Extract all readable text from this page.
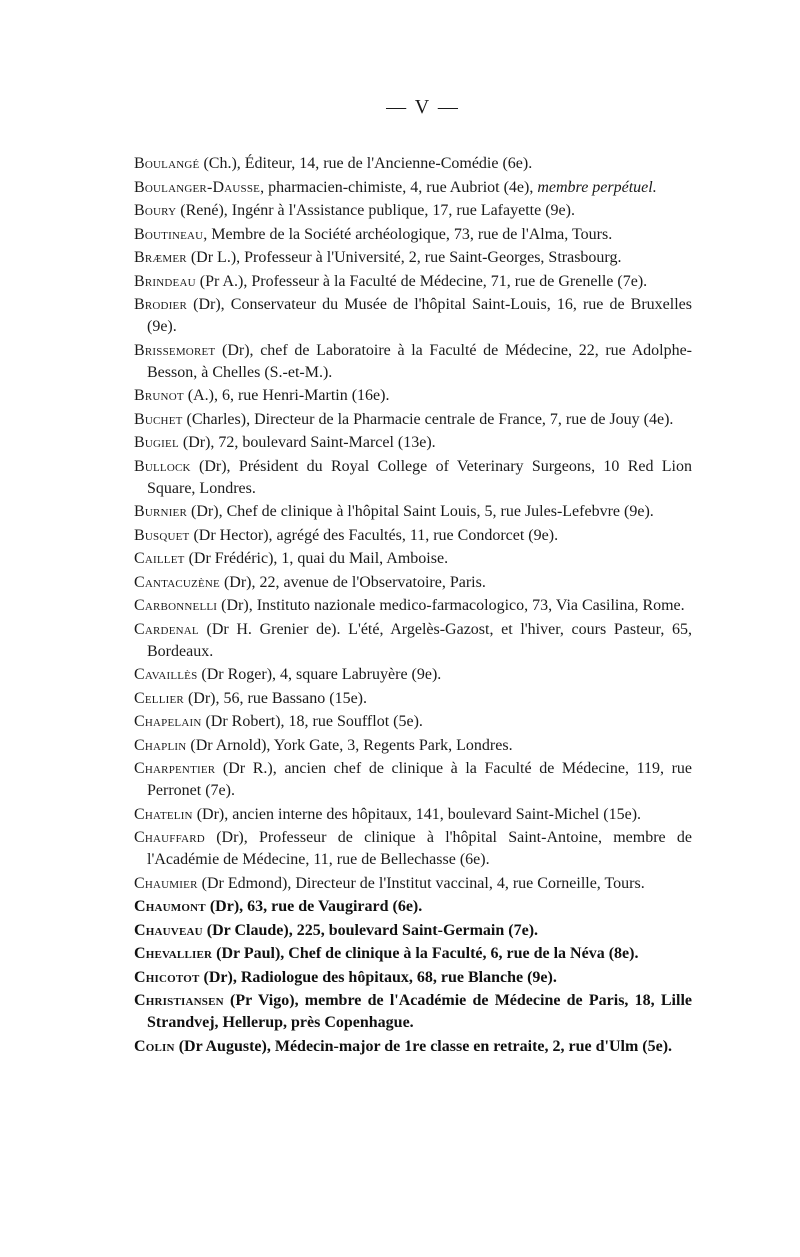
— V —

Boulangé (Ch.), Éditeur, 14, rue de l'Ancienne-Comédie (6e).

Boulanger-Dausse, pharmacien-chimiste, 4, rue Aubriot (4e), membre perpétuel.

Boury (René), Ingénr à l'Assistance publique, 17, rue Lafayette (9e).

Boutineau, Membre de la Société archéologique, 73, rue de l'Alma, Tours.

Bræmer (Dr L.), Professeur à l'Université, 2, rue Saint-Georges, Strasbourg.

Brindeau (Pr A.), Professeur à la Faculté de Médecine, 71, rue de Grenelle (7e).

Brodier (Dr), Conservateur du Musée de l'hôpital Saint-Louis, 16, rue de Bruxelles (9e).

Brissemoret (Dr), chef de Laboratoire à la Faculté de Médecine, 22, rue Adolphe-Besson, à Chelles (S.-et-M.).

Brunot (A.), 6, rue Henri-Martin (16e).

Buchet (Charles), Directeur de la Pharmacie centrale de France, 7, rue de Jouy (4e).

Bugiel (Dr), 72, boulevard Saint-Marcel (13e).

Bullock (Dr), Président du Royal College of Veterinary Surgeons, 10 Red Lion Square, Londres.

Burnier (Dr), Chef de clinique à l'hôpital Saint Louis, 5, rue Jules-Lefebvre (9e).

Busquet (Dr Hector), agrégé des Facultés, 11, rue Condorcet (9e).

Caillet (Dr Frédéric), 1, quai du Mail, Amboise.

Cantacuzène (Dr), 22, avenue de l'Observatoire, Paris.

Carbonnelli (Dr), Instituto nazionale medico-farmacologico, 73, Via Casilina, Rome.

Cardenal (Dr H. Grenier de). L'été, Argelès-Gazost, et l'hiver, cours Pasteur, 65, Bordeaux.

Cavaillès (Dr Roger), 4, square Labruyère (9e).

Cellier (Dr), 56, rue Bassano (15e).

Chapelain (Dr Robert), 18, rue Soufflot (5e).

Chaplin (Dr Arnold), York Gate, 3, Regents Park, Londres.

Charpentier (Dr R.), ancien chef de clinique à la Faculté de Médecine, 119, rue Perronet (7e).

Chatelin (Dr), ancien interne des hôpitaux, 141, boulevard Saint-Michel (15e).

Chauffard (Dr), Professeur de clinique à l'hôpital Saint-Antoine, membre de l'Académie de Médecine, 11, rue de Bellechasse (6e).

Chaumier (Dr Edmond), Directeur de l'Institut vaccinal, 4, rue Corneille, Tours.

Chaumont (Dr), 63, rue de Vaugirard (6e).

Chauveau (Dr Claude), 225, boulevard Saint-Germain (7e).

Chevallier (Dr Paul), Chef de clinique à la Faculté, 6, rue de la Néva (8e).

Chicotot (Dr), Radiologue des hôpitaux, 68, rue Blanche (9e).

Christiansen (Pr Vigo), membre de l'Académie de Médecine de Paris, 18, Lille Strandvej, Hellerup, près Copenhague.

Colin (Dr Auguste), Médecin-major de 1re classe en retraite, 2, rue d'Ulm (5e).
